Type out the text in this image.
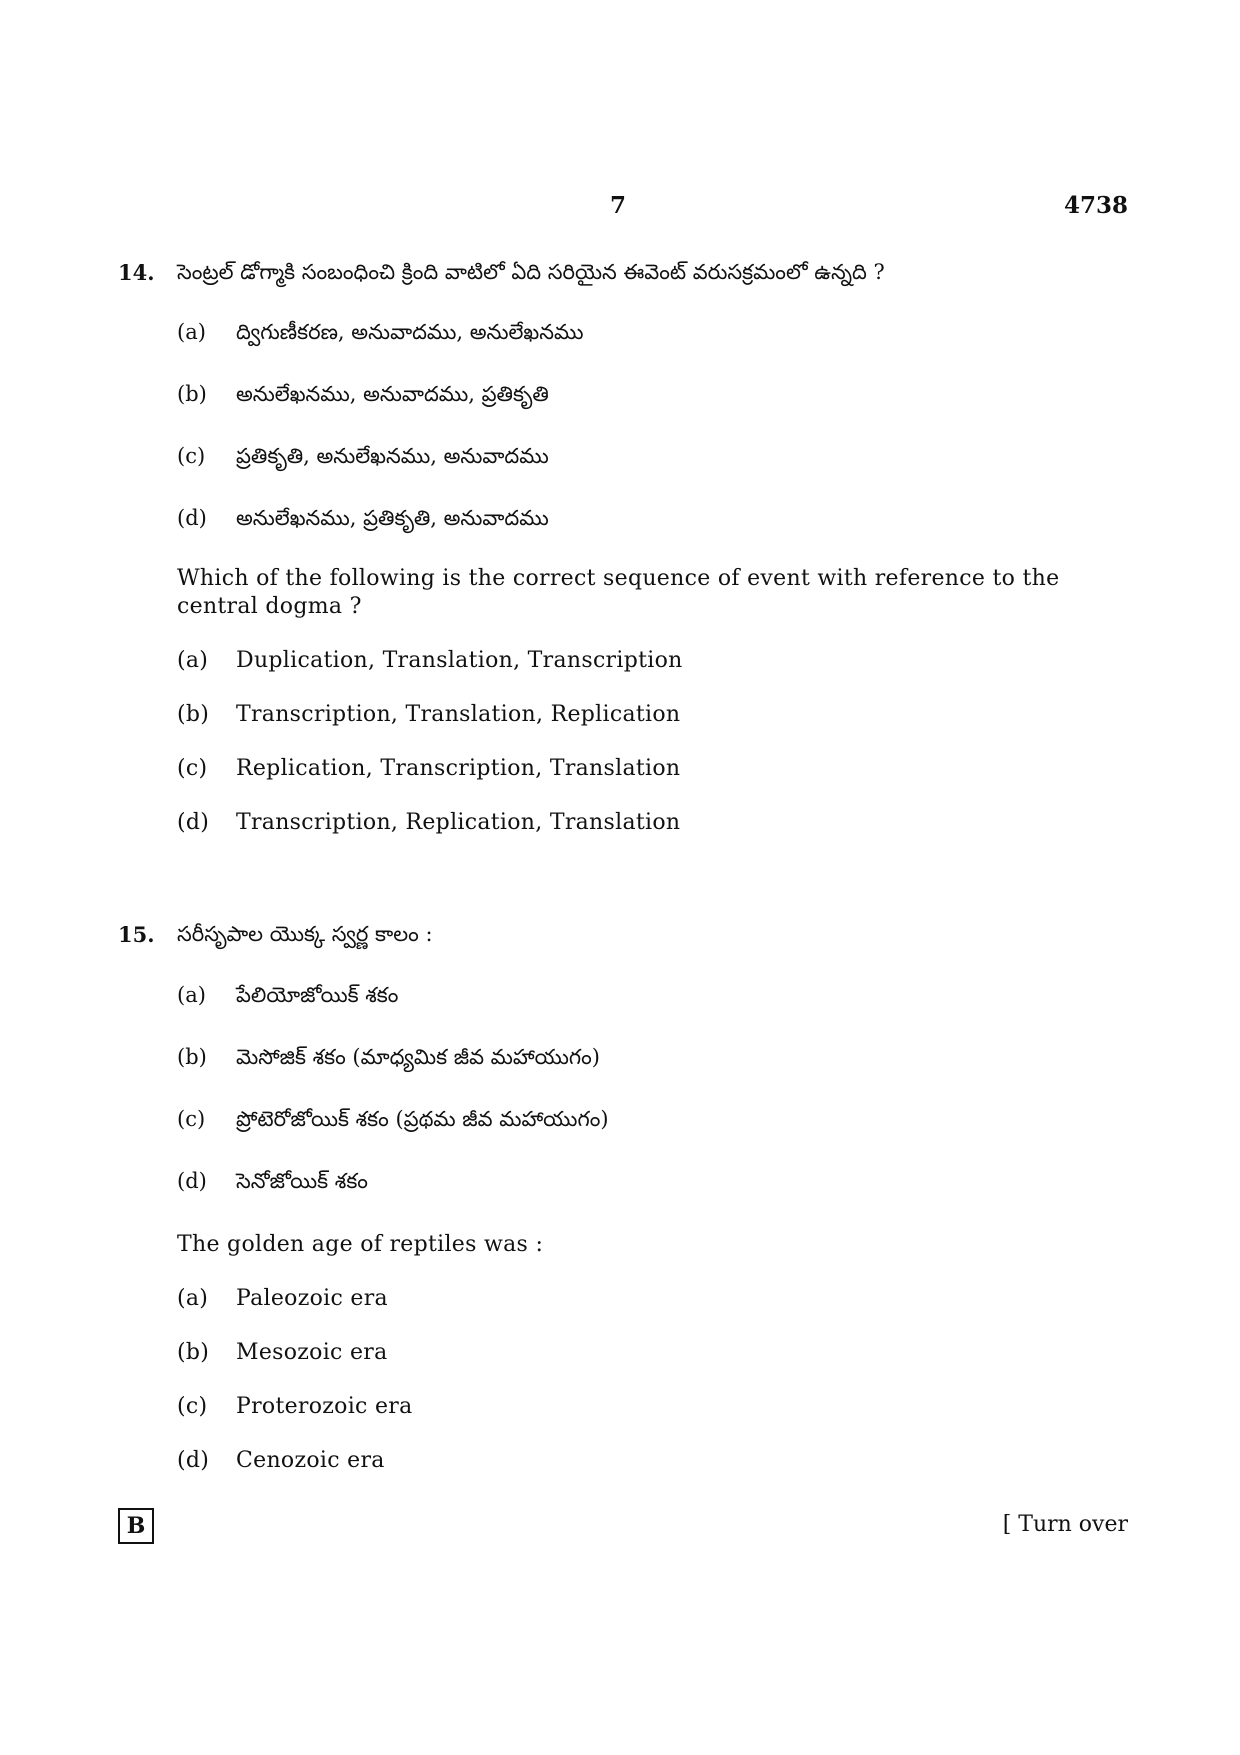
7	4738
14. సెంట్రల్ డోగ్మాకి సంబంధించి క్రింది వాటిలో ఏది సరియైన ఈవెంట్ వరుసక్రమంలో ఉన్నది ?
(a) ద్విగుణీకరణ, అనువాదము, అనులేఖనము
(b) అనులేఖనము, అనువాదము, ప్రతికృతి
(c) ప్రతికృతి, అనులేఖనము, అనువాదము
(d) అనులేఖనము, ప్రతికృతి, అనువాదము
Which of the following is the correct sequence of event with reference to the
central dogma ?
(a) Duplication, Translation, Transcription
(b) Transcription, Translation, Replication
(c) Replication, Transcription, Translation
(d) Transcription, Replication, Translation
15. సరీసృపాల యొక్క స్వర్ణ కాలం :
(a) పేలియోజోయిక్ శకం
(b) మెసోజిక్ శకం (మాధ్యమిక జీవ మహాయుగం)
(c) ప్రోటెరోజోయిక్ శకం (ప్రథమ జీవ మహాయుగం)
(d) సెనోజోయిక్ శకం
The golden age of reptiles was :
(a) Paleozoic era
(b) Mesozoic era
(c) Proterozoic era
(d) Cenozoic era
B	[ Turn over
